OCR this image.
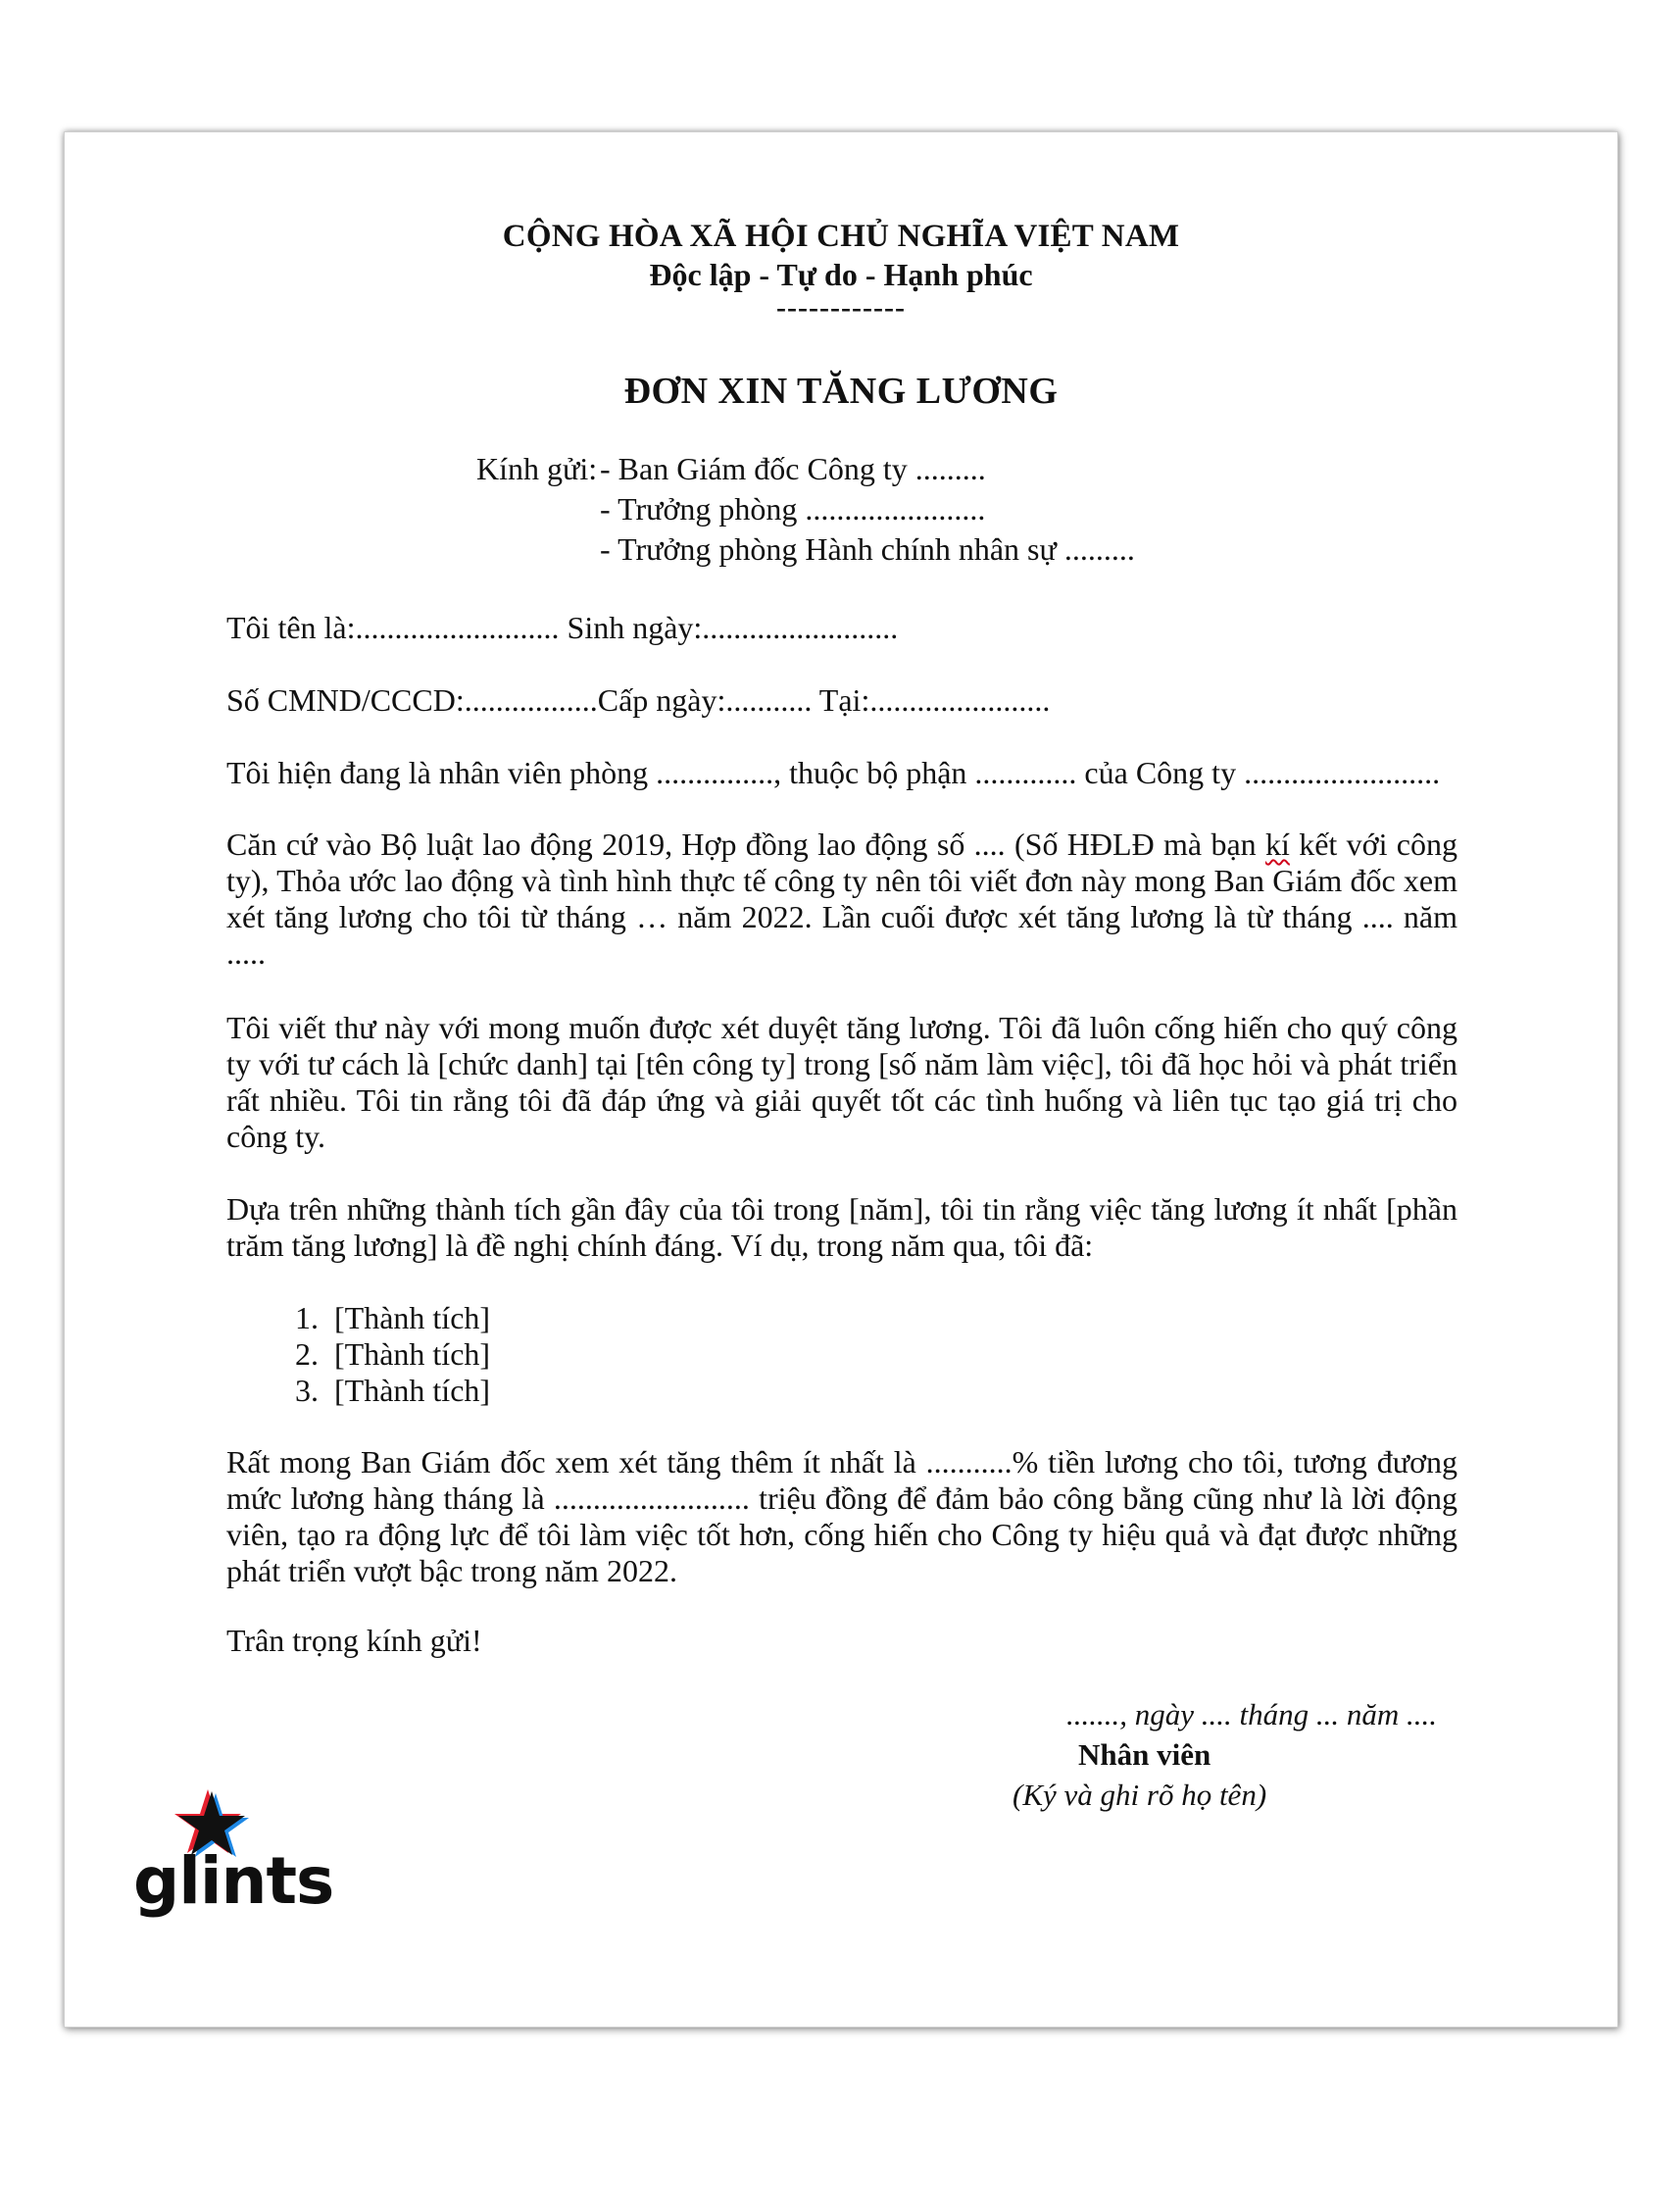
CỘNG HÒA XÃ HỘI CHỦ NGHĨA VIỆT NAM
Độc lập - Tự do - Hạnh phúc
------------
ĐƠN XIN TĂNG LƯƠNG
Kính gửi: - Ban Giám đốc Công ty .........
- Trưởng phòng .......................
- Trưởng phòng Hành chính nhân sự .........
Tôi tên là:.......................... Sinh ngày:.........................
Số CMND/CCCD:.................Cấp ngày:........... Tại:.......................
Tôi hiện đang là nhân viên phòng ..............., thuộc bộ phận ............. của Công ty .........................

Căn cứ vào Bộ luật lao động 2019, Hợp đồng lao động số .... (Số HĐLĐ mà bạn kí kết với công ty), Thỏa ước lao động và tình hình thực tế công ty nên tôi viết đơn này mong Ban Giám đốc xem xét tăng lương cho tôi từ tháng … năm 2022. Lần cuối được xét tăng lương là từ tháng .... năm .....

Tôi viết thư này với mong muốn được xét duyệt tăng lương. Tôi đã luôn cống hiến cho quý công ty với tư cách là [chức danh] tại [tên công ty] trong [số năm làm việc], tôi đã học hỏi và phát triển rất nhiều. Tôi tin rằng tôi đã đáp ứng và giải quyết tốt các tình huống và liên tục tạo giá trị cho công ty.

Dựa trên những thành tích gần đây của tôi trong [năm], tôi tin rằng việc tăng lương ít nhất [phần trăm tăng lương] là đề nghị chính đáng. Ví dụ, trong năm qua, tôi đã:

1. [Thành tích]
2. [Thành tích]
3. [Thành tích]

Rất mong Ban Giám đốc xem xét tăng thêm ít nhất là ...........% tiền lương cho tôi, tương đương mức lương hàng tháng là ......................... triệu đồng để đảm bảo công bằng cũng như là lời động viên, tạo ra động lực để tôi làm việc tốt hơn, cống hiến cho Công ty hiệu quả và đạt được những phát triển vượt bậc trong năm 2022.

Trân trọng kính gửi!
......., ngày .... tháng ... năm ....
Nhân viên
(Ký và ghi rõ họ tên)
glints
